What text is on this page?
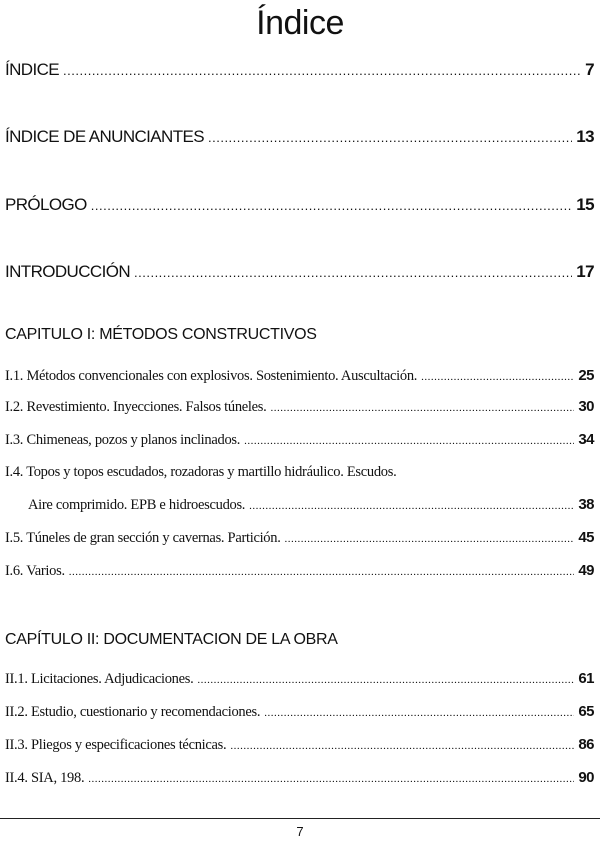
Índice
ÍNDICE .....	7
ÍNDICE DE ANUNCIANTES .....	13
PRÓLOGO .....	15
INTRODUCCIÓN .....	17
CAPITULO I: MÉTODOS CONSTRUCTIVOS
I.1. Métodos convencionales con explosivos. Sostenimiento. Auscultación. .....	25
I.2. Revestimiento. Inyecciones. Falsos túneles. .....	30
I.3. Chimeneas, pozos y planos inclinados. .....	34
I.4. Topos y topos escudados, rozadoras y martillo hidráulico. Escudos.
Aire comprimido. EPB e hidroescudos. .....	38
I.5. Túneles de gran sección y cavernas. Partición. .....	45
I.6. Varios. .....	49
CAPÍTULO II: DOCUMENTACION DE LA OBRA
II.1. Licitaciones. Adjudicaciones. .....	61
II.2. Estudio, cuestionario y recomendaciones. .....	65
II.3. Pliegos y especificaciones técnicas. .....	86
II.4. SIA, 198. .....	90
7
